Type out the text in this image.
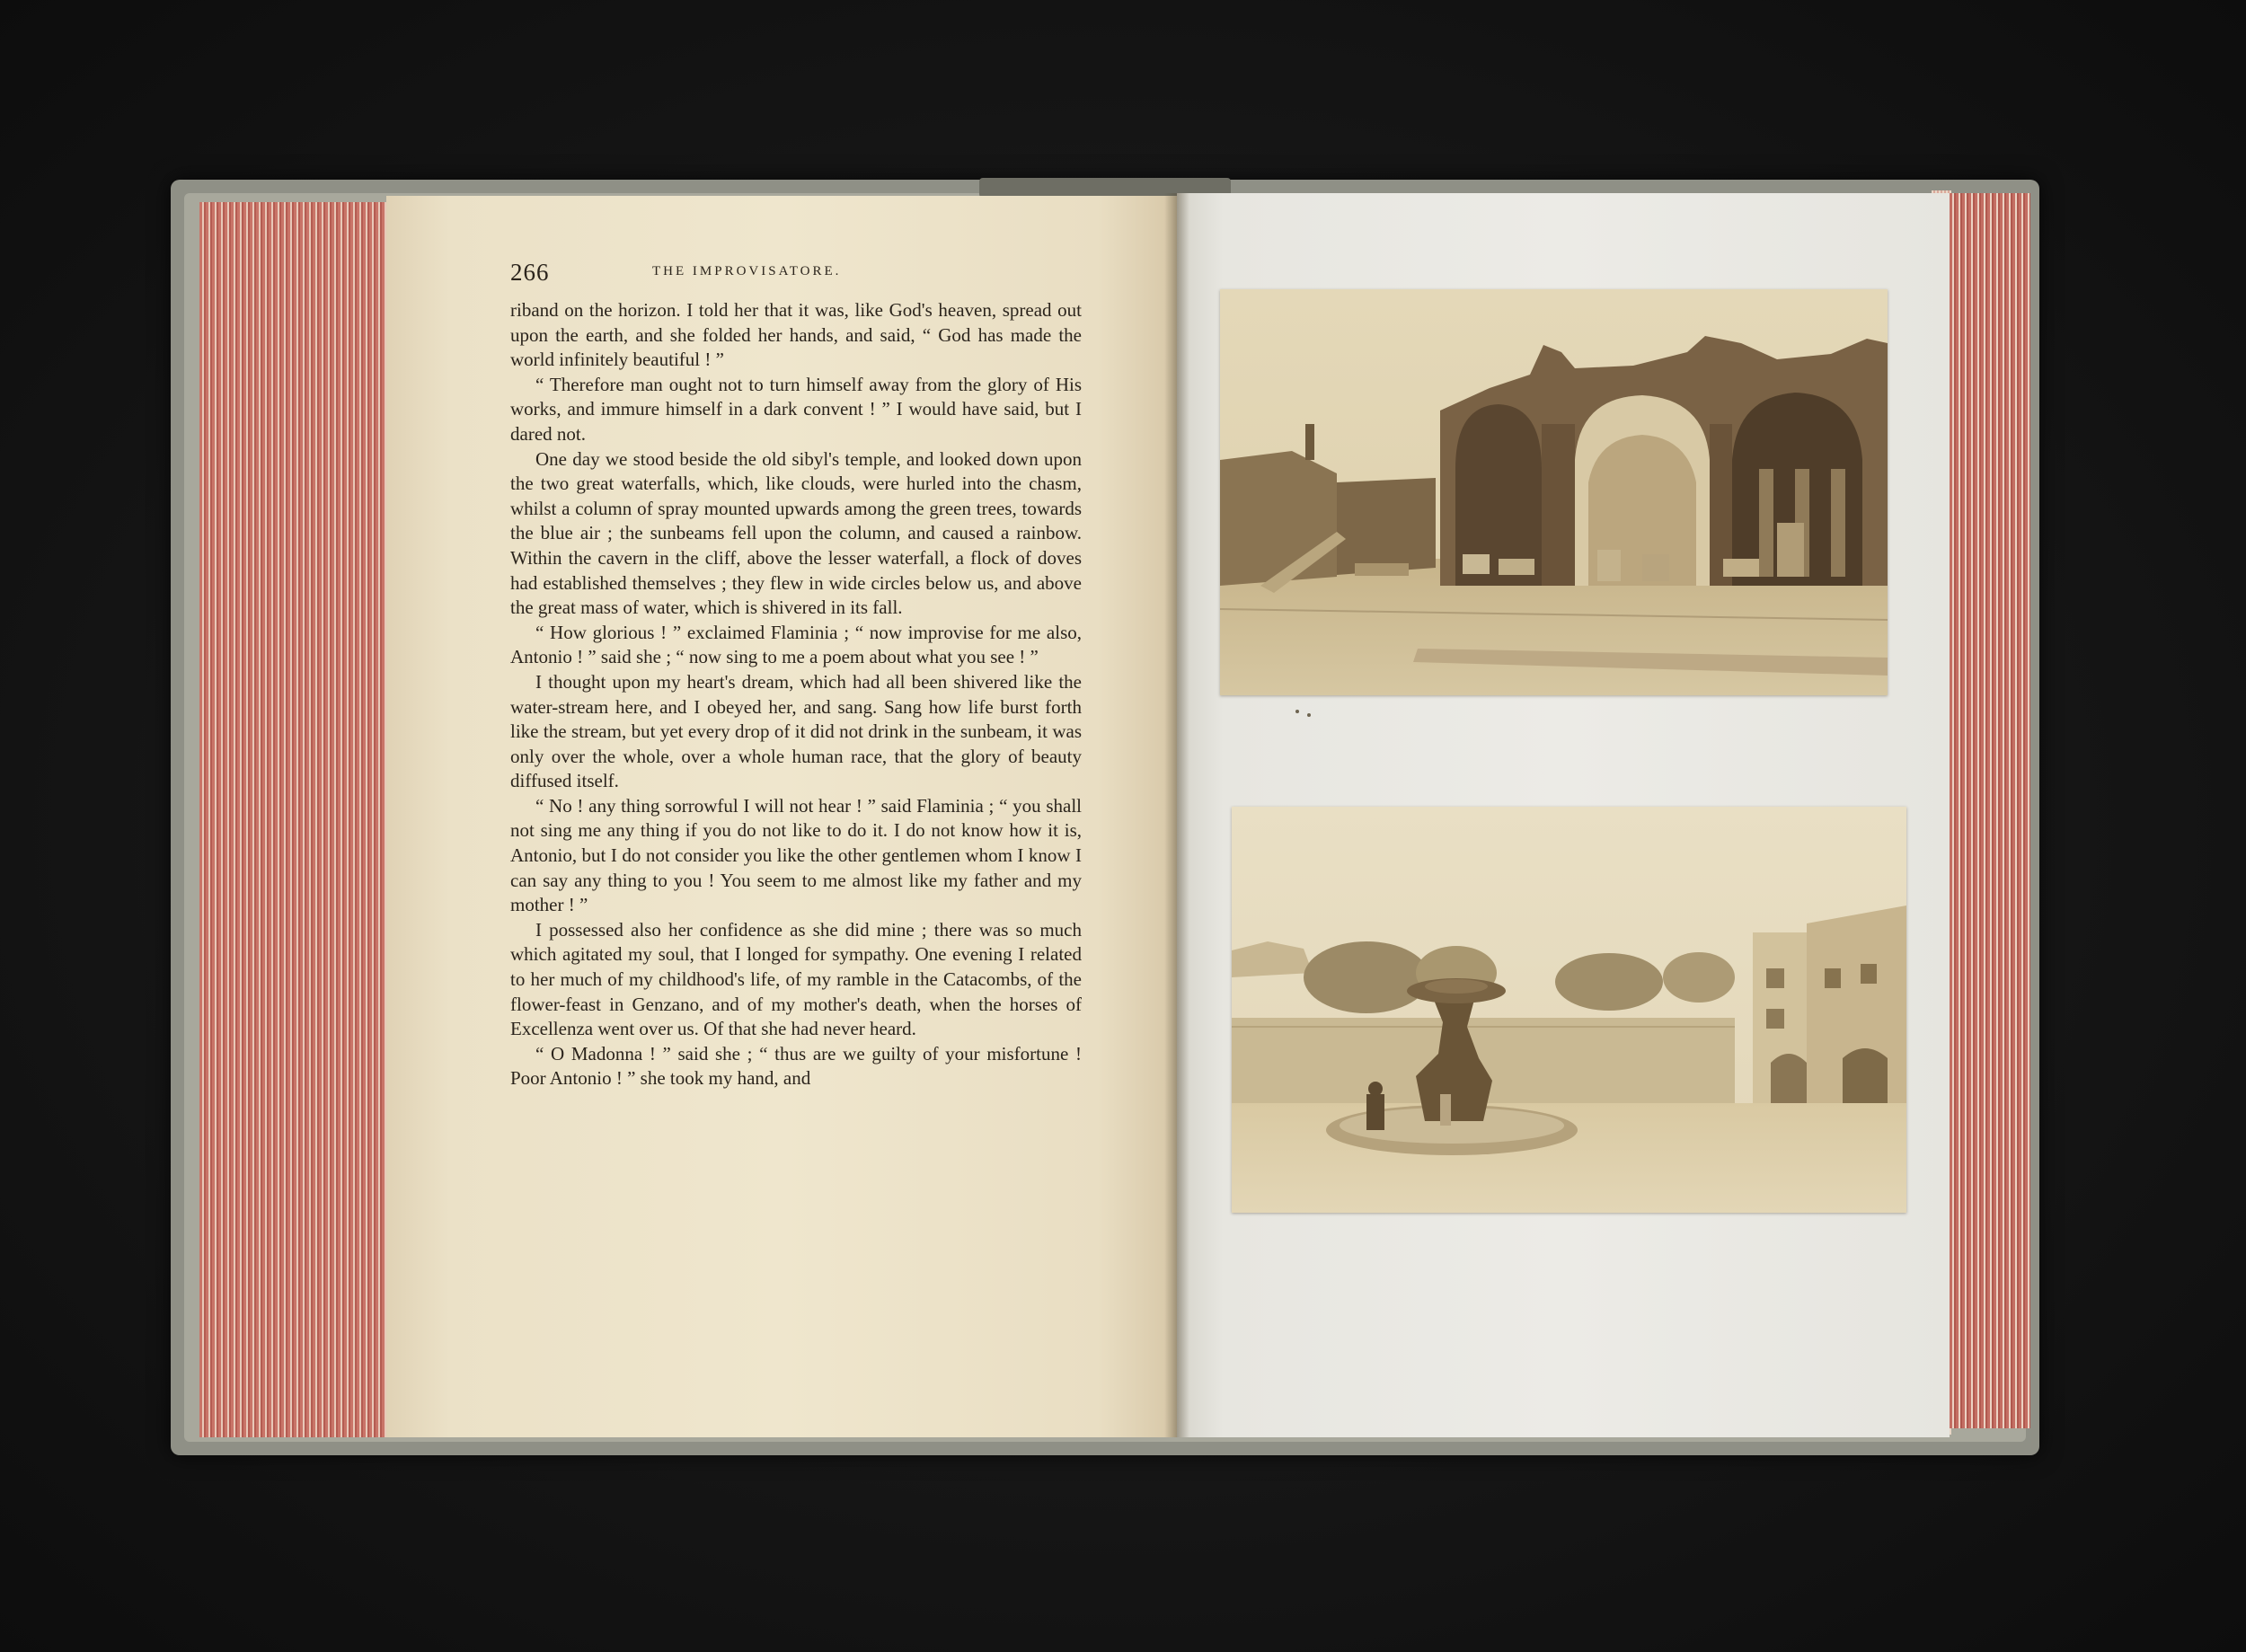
266	THE IMPROVISATORE.

riband on the horizon. I told her that it was, like God's heaven, spread out upon the earth, and she folded her hands, and said, “ God has made the world infinitely beautiful ! ”

“ Therefore man ought not to turn himself away from the glory of His works, and immure himself in a dark convent ! ” I would have said, but I dared not.

One day we stood beside the old sibyl's temple, and looked down upon the two great waterfalls, which, like clouds, were hurled into the chasm, whilst a column of spray mounted upwards among the green trees, towards the blue air ; the sunbeams fell upon the column, and caused a rainbow. Within the cavern in the cliff, above the lesser waterfall, a flock of doves had established themselves ; they flew in wide circles below us, and above the great mass of water, which is shivered in its fall.

“ How glorious ! ” exclaimed Flaminia ; “ now improvise for me also, Antonio ! ” said she ; “ now sing to me a poem about what you see ! ”

I thought upon my heart's dream, which had all been shivered like the water-stream here, and I obeyed her, and sang. Sang how life burst forth like the stream, but yet every drop of it did not drink in the sunbeam, it was only over the whole, over a whole human race, that the glory of beauty diffused itself.

“ No ! any thing sorrowful I will not hear ! ” said Flaminia ; “ you shall not sing me any thing if you do not like to do it. I do not know how it is, Antonio, but I do not consider you like the other gentlemen whom I know I can say any thing to you ! You seem to me almost like my father and my mother ! ”

I possessed also her confidence as she did mine ; there was so much which agitated my soul, that I longed for sympathy. One evening I related to her much of my childhood's life, of my ramble in the Catacombs, of the flower-feast in Genzano, and of my mother's death, when the horses of Excellenza went over us. Of that she had never heard.

“ O Madonna ! ” said she ; “ thus are we guilty of your misfortune ! Poor Antonio ! ” she took my hand, and
